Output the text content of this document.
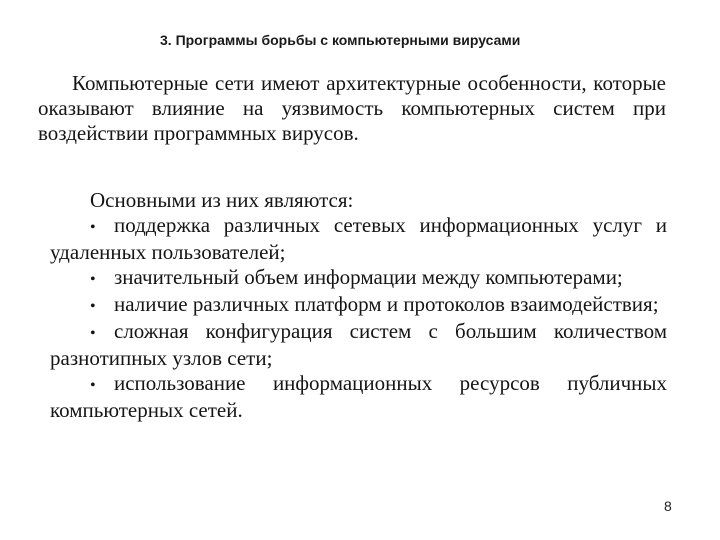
3. Программы борьбы с компьютерными вирусами

Компьютерные сети имеют архитектурные особенности, которые оказывают влияние на уязвимость компьютерных систем при воздействии программных вирусов.

Основными из них являются:

• поддержка различных сетевых информационных услуг и удаленных пользователей;

• значительный объем информации между компьютерами;

• наличие различных платформ и протоколов взаимодействия;

• сложная конфигурация систем с большим количеством разнотипных узлов сети;

• использование информационных ресурсов публичных компьютерных сетей.

8
